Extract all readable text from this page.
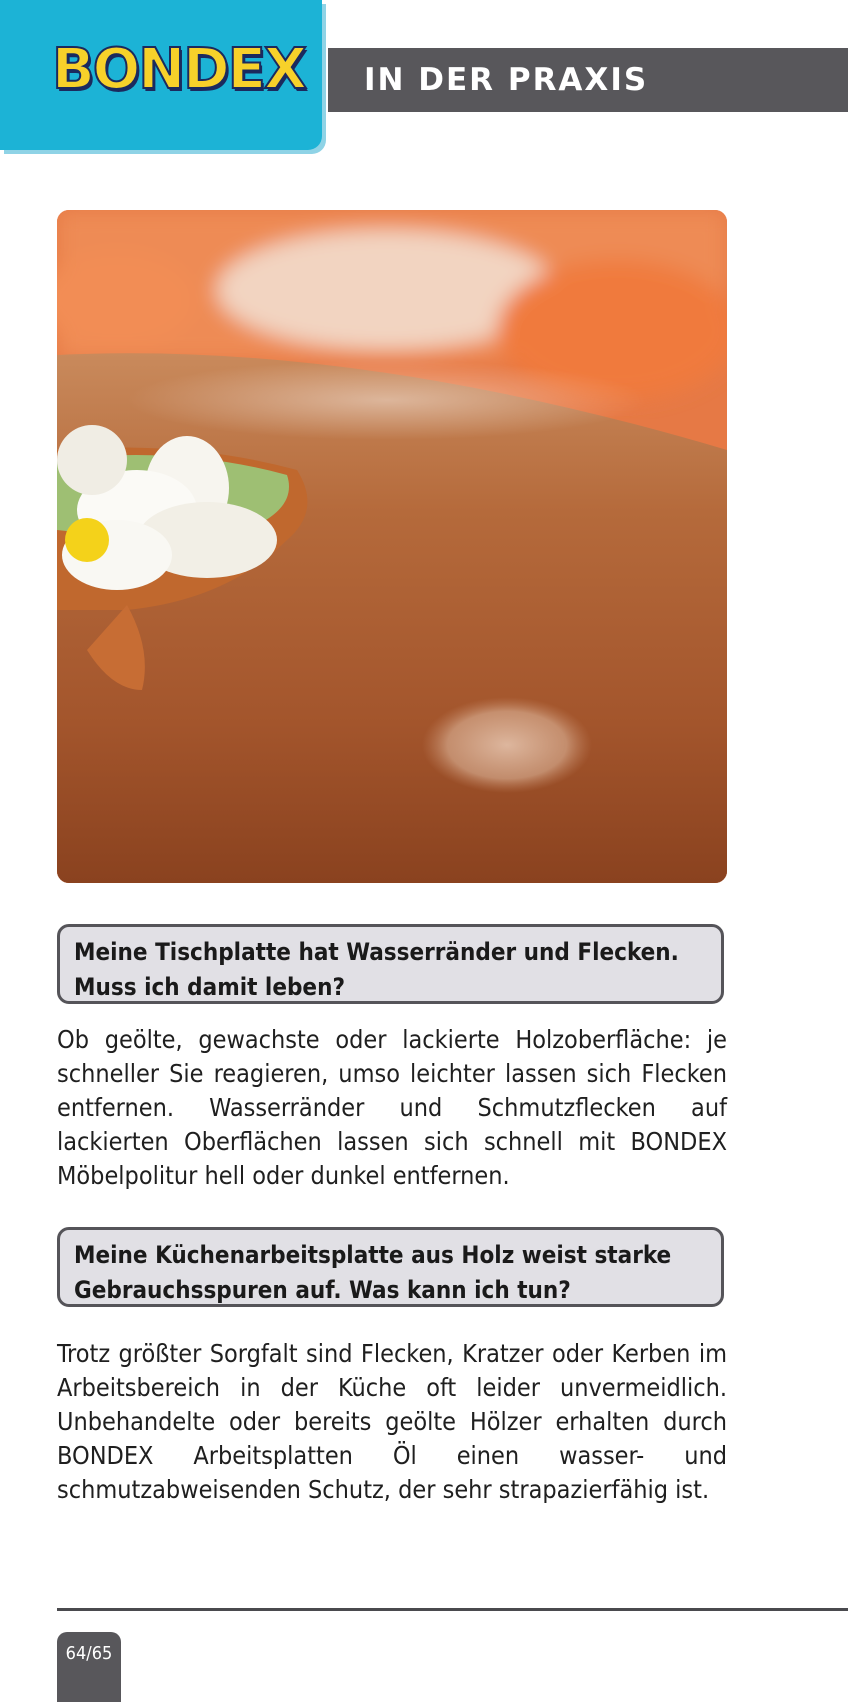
BONDEX IN DER PRAXIS
Meine Tischplatte hat Wasserränder und Flecken. Muss ich damit leben?

Ob geölte, gewachste oder lackierte Holzoberfläche: je schneller Sie reagieren, umso leichter lassen sich Flecken entfernen. Wasserränder und Schmutzflecken auf lackierten Oberflächen lassen sich schnell mit BONDEX Möbelpolitur hell oder dunkel entfernen.

Meine Küchenarbeitsplatte aus Holz weist starke Gebrauchsspuren auf. Was kann ich tun?

Trotz größter Sorgfalt sind Flecken, Kratzer oder Kerben im Arbeitsbereich in der Küche oft leider unvermeidlich. Unbehandelte oder bereits geölte Hölzer erhalten durch BONDEX Arbeitsplatten Öl einen wasser- und schmutzabweisenden Schutz, der sehr strapazierfähig ist.

64/65
